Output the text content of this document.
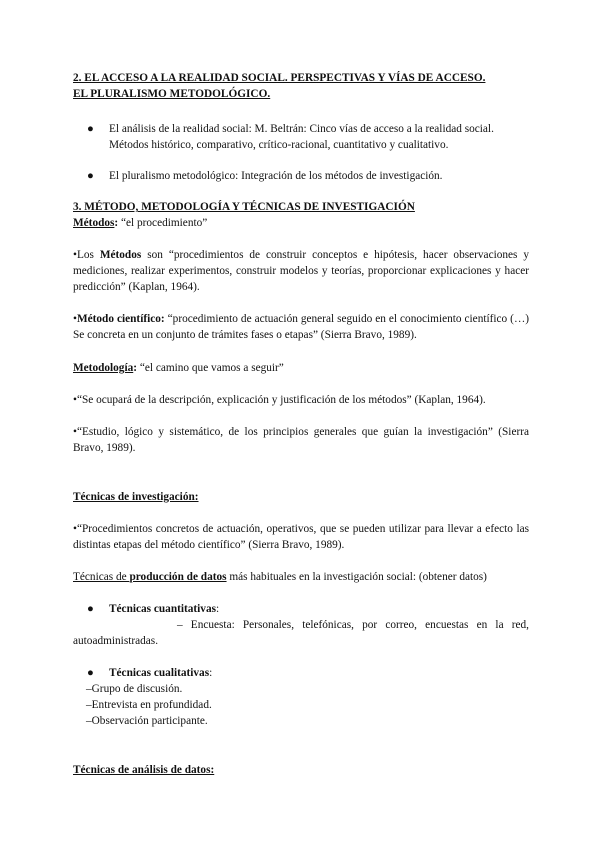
2. EL ACCESO A LA REALIDAD SOCIAL. PERSPECTIVAS Y VÍAS DE ACCESO.
EL PLURALISMO METODOLÓGICO.
● El análisis de la realidad social: M. Beltrán: Cinco vías de acceso a la realidad social. Métodos histórico, comparativo, crítico-racional, cuantitativo y cualitativo.
● El pluralismo metodológico: Integración de los métodos de investigación.
3. MÉTODO, METODOLOGÍA Y TÉCNICAS DE INVESTIGACIÓN
Métodos: “el procedimiento”
•Los Métodos son “procedimientos de construir conceptos e hipótesis, hacer observaciones y mediciones, realizar experimentos, construir modelos y teorías, proporcionar explicaciones y hacer predicción” (Kaplan, 1964).
•Método científico: “procedimiento de actuación general seguido en el conocimiento científico (…) Se concreta en un conjunto de trámites fases o etapas” (Sierra Bravo, 1989).
Metodología: “el camino que vamos a seguir”
•“Se ocupará de la descripción, explicación y justificación de los métodos” (Kaplan, 1964).
•“Estudio, lógico y sistemático, de los principios generales que guían la investigación” (Sierra Bravo, 1989).
Técnicas de investigación:
•“Procedimientos concretos de actuación, operativos, que se pueden utilizar para llevar a efecto las distintas etapas del método científico” (Sierra Bravo, 1989).
Técnicas de producción de datos más habituales en la investigación social: (obtener datos)
● Técnicas cuantitativas:
– Encuesta: Personales, telefónicas, por correo, encuestas en la red, autoadministradas.
● Técnicas cualitativas:
–Grupo de discusión.
–Entrevista en profundidad.
–Observación participante.
Técnicas de análisis de datos:
